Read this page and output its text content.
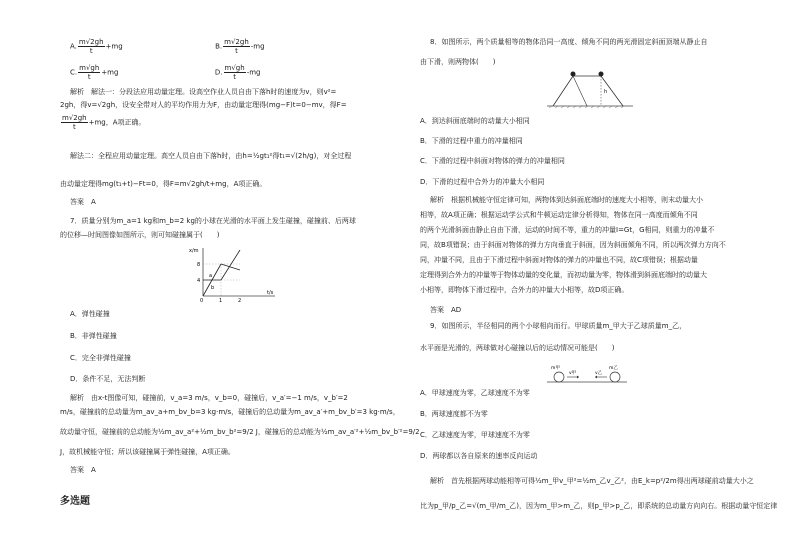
A. $\frac{m√2gh}{t} +mg$	B. $\frac{m√2gh}{t} -mg$
C. $\frac{m√gh}{t} +mg$	D. $\frac{m√gh}{t} -mg$
解析　解法一：分段法应用动量定理。设高空作业人员自由下落h时的速度为v，则v²=
2gh，得v=√2gh，设安全带对人的平均作用力为F，由动量定理得(mg−F)t=0−mv，得F=
$\frac{m√2gh}{t} +mg$，A项正确。
解法二：全程应用动量定理。高空人员自由下落h时，由h=½gt₁²得t₁=√(2h/g)，对全过程
由动量定理得mg(t₁+t)−Ft=0，得F=m√2gh/t+mg，A项正确。
答案　A
7．质量分别为m_a=1 kg和m_b=2 kg的小球在光滑的水平面上发生碰撞，碰撞前、后两球
的位移—时间图像如图所示，则可知碰撞属于(　　)
x/m
t/s
8
4
0	1	2
a
b
A．弹性碰撞
B．非弹性碰撞
C．完全非弹性碰撞
D．条件不足，无法判断
解析　由x-t图像可知，碰撞前，v_a=3 m/s，v_b=0，碰撞后，v_a′=−1 m/s，v_b′=2
m/s，碰撞前的总动量为m_av_a+m_bv_b=3 kg·m/s，碰撞后的总动量为m_av_a′+m_bv_b′=3 kg·m/s，
故动量守恒，碰撞前的总动能为½m_av_a²+½m_bv_b²=9/2 J，碰撞后的总动能为½m_av_a′²+½m_bv_b′²=9/2
J，故机械能守恒；所以该碰撞属于弹性碰撞，A项正确。
答案　A
多选题
8．如图所示，两个质量相等的物体沿同一高度、倾角不同的两光滑固定斜面顶端从静止自
由下滑，则两物体(　　)
h
A．到达斜面底端时的动量大小相同
B．下滑的过程中重力的冲量相同
C．下滑的过程中斜面对物体的弹力的冲量相同
D．下滑的过程中合外力的冲量大小相同
解析　根据机械能守恒定律可知，两物体到达斜面底端时的速度大小相等，则末动量大小
相等，故A项正确；根据运动学公式和牛顿运动定律分析得知，物体在同一高度而倾角不同
的两个光滑斜面由静止自由下滑，运动的时间不等，重力的冲量I=Gt，G相同，则重力的冲量不
同，故B项错误；由于斜面对物体的弹力方向垂直于斜面，因为斜面倾角不同，所以两次弹力方向不
同，冲量不同，且由于下滑过程中斜面对物体的弹力的冲量也不同，故C项错误；根据动量
定理得到合外力的冲量等于物体动量的变化量，而初动量为零，物体滑到斜面底端时的动量大
小相等，即物体下滑过程中，合外力的冲量大小相等，故D项正确。
答案　AD
9．如图所示，半径相同的两个小球相向而行。甲球质量m_甲大于乙球质量m_乙，
水平面是光滑的，两球做对心碰撞以后的运动情况可能是(　　)
m甲	m乙
v甲	v乙
A．甲球速度为零，乙球速度不为零
B．两球速度都不为零
C．乙球速度为零，甲球速度不为零
D．两球都以各自原来的速率反向运动
解析　首先根据两球动能相等可得½m_甲v_甲²=½m_乙v_乙²，由E_k=p²/2m得出两球碰前动量大小之
比为p_甲/p_乙=√(m_甲/m_乙)，因为m_甲>m_乙，则p_甲>p_乙，即系统的总动量方向向右。根据动量守恒定律
